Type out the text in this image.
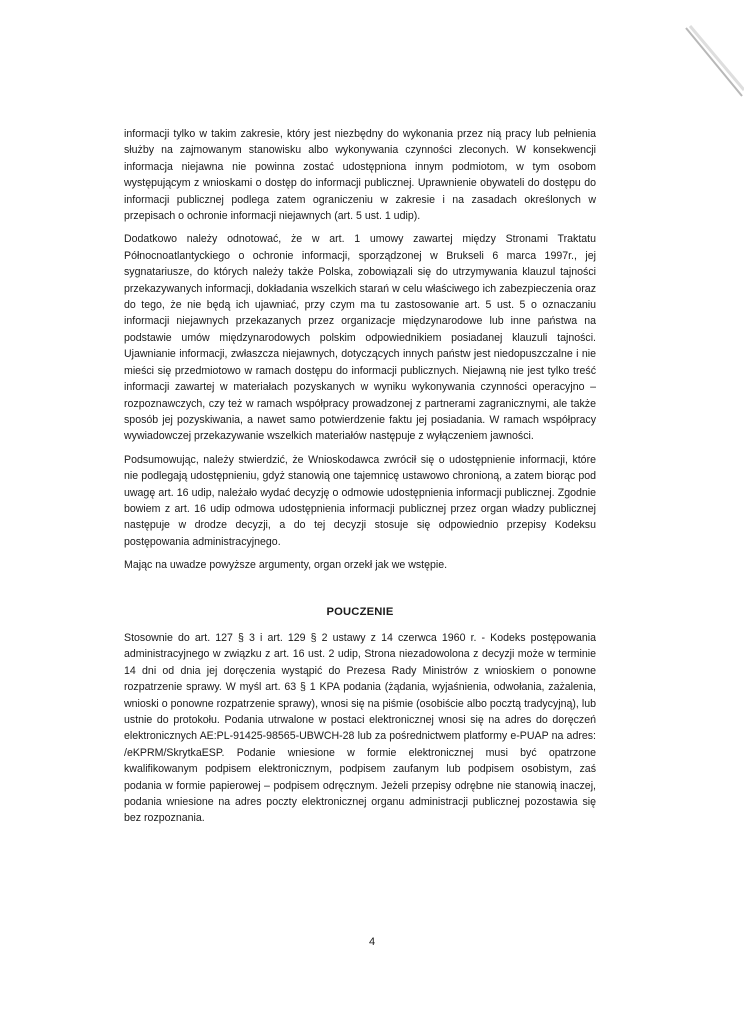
informacji tylko w takim zakresie, który jest niezbędny do wykonania przez nią pracy lub pełnienia służby na zajmowanym stanowisku albo wykonywania czynności zleconych. W konsekwencji informacja niejawna nie powinna zostać udostępniona innym podmiotom, w tym osobom występującym z wnioskami o dostęp do informacji publicznej. Uprawnienie obywateli do dostępu do informacji publicznej podlega zatem ograniczeniu w zakresie i na zasadach określonych w przepisach o ochronie informacji niejawnych (art. 5 ust. 1 udip).

Dodatkowo należy odnotować, że w art. 1 umowy zawartej między Stronami Traktatu Północnoatlantyckiego o ochronie informacji, sporządzonej w Brukseli 6 marca 1997r., jej sygnatariusze, do których należy także Polska, zobowiązali się do utrzymywania klauzul tajności przekazywanych informacji, dokładania wszelkich starań w celu właściwego ich zabezpieczenia oraz do tego, że nie będą ich ujawniać, przy czym ma tu zastosowanie art. 5 ust. 5 o oznaczaniu informacji niejawnych przekazanych przez organizacje międzynarodowe lub inne państwa na podstawie umów międzynarodowych polskim odpowiednikiem posiadanej klauzuli tajności. Ujawnianie informacji, zwłaszcza niejawnych, dotyczących innych państw jest niedopuszczalne i nie mieści się przedmiotowo w ramach dostępu do informacji publicznych. Niejawną nie jest tylko treść informacji zawartej w materiałach pozyskanych w wyniku wykonywania czynności operacyjno – rozpoznawczych, czy też w ramach współpracy prowadzonej z partnerami zagranicznymi, ale także sposób jej pozyskiwania, a nawet samo potwierdzenie faktu jej posiadania. W ramach współpracy wywiadowczej przekazywanie wszelkich materiałów następuje z wyłączeniem jawności.

Podsumowując, należy stwierdzić, że Wnioskodawca zwrócił się o udostępnienie informacji, które nie podlegają udostępnieniu, gdyż stanowią one tajemnicę ustawowo chronioną, a zatem biorąc pod uwagę art. 16 udip, należało wydać decyzję o odmowie udostępnienia informacji publicznej. Zgodnie bowiem z art. 16 udip odmowa udostępnienia informacji publicznej przez organ władzy publicznej następuje w drodze decyzji, a do tej decyzji stosuje się odpowiednio przepisy Kodeksu postępowania administracyjnego.

Mając na uwadze powyższe argumenty, organ orzekł jak we wstępie.

POUCZENIE

Stosownie do art. 127 § 3 i art. 129 § 2 ustawy z 14 czerwca 1960 r. - Kodeks postępowania administracyjnego w związku z art. 16 ust. 2 udip, Strona niezadowolona z decyzji może w terminie 14 dni od dnia jej doręczenia wystąpić do Prezesa Rady Ministrów z wnioskiem o ponowne rozpatrzenie sprawy. W myśl art. 63 § 1 KPA podania (żądania, wyjaśnienia, odwołania, zażalenia, wnioski o ponowne rozpatrzenie sprawy), wnosi się na piśmie (osobiście albo pocztą tradycyjną), lub ustnie do protokołu. Podania utrwalone w postaci elektronicznej wnosi się na adres do doręczeń elektronicznych AE:PL-91425-98565-UBWCH-28 lub za pośrednictwem platformy e-PUAP na adres: /eKPRM/SkrytkaESP. Podanie wniesione w formie elektronicznej musi być opatrzone kwalifikowanym podpisem elektronicznym, podpisem zaufanym lub podpisem osobistym, zaś podania w formie papierowej – podpisem odręcznym. Jeżeli przepisy odrębne nie stanowią inaczej, podania wniesione na adres poczty elektronicznej organu administracji publicznej pozostawia się bez rozpoznania.

4
